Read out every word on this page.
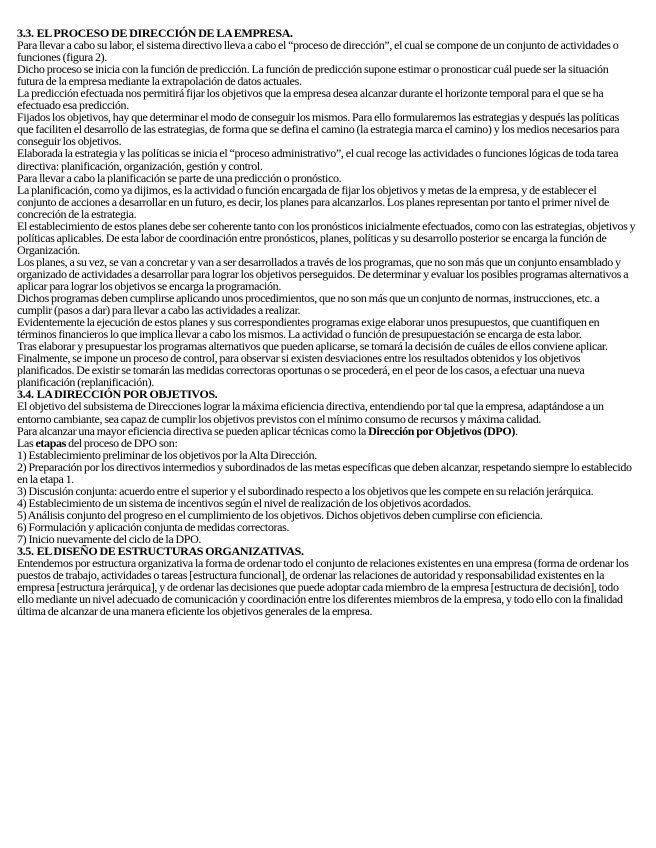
3.3. EL PROCESO DE DIRECCIÓN DE LA EMPRESA.

Para llevar a cabo su labor, el sistema directivo lleva a cabo el “proceso de dirección”, el cual se compone de un conjunto de actividades o funciones (figura 2).

Dicho proceso se inicia con la función de predicción. La función de predicción supone estimar o pronosticar cuál puede ser la situación futura de la empresa mediante la extrapolación de datos actuales.

La predicción efectuada nos permitirá fijar los objetivos que la empresa desea alcanzar durante el horizonte temporal para el que se ha efectuado esa predicción.

Fijados los objetivos, hay que determinar el modo de conseguir los mismos. Para ello formularemos las estrategias y después las políticas que faciliten el desarrollo de las estrategias, de forma que se defina el camino (la estrategia marca el camino) y los medios necesarios para conseguir los objetivos.

Elaborada la estrategia y las políticas se inicia el “proceso administrativo”, el cual recoge las actividades o funciones lógicas de toda tarea directiva: planificación, organización, gestión y control.

Para llevar a cabo la planificación se parte de una predicción o pronóstico.

La planificación, como ya dijimos, es la actividad o función encargada de fijar los objetivos y metas de la empresa, y de establecer el conjunto de acciones a desarrollar en un futuro, es decir, los planes para alcanzarlos. Los planes representan por tanto el primer nivel de concreción de la estrategia.

El establecimiento de estos planes debe ser coherente tanto con los pronósticos inicialmente efectuados, como con las estrategias, objetivos y políticas aplicables. De esta labor de coordinación entre pronósticos, planes, políticas y su desarrollo posterior se encarga la función de Organización.

Los planes, a su vez, se van a concretar y van a ser desarrollados a través de los programas, que no son más que un conjunto ensamblado y organizado de actividades a desarrollar para lograr los objetivos perseguidos. De determinar y evaluar los posibles programas alternativos a aplicar para lograr los objetivos se encarga la programación.

Dichos programas deben cumplirse aplicando unos procedimientos, que no son más que un conjunto de normas, instrucciones, etc. a cumplir (pasos a dar) para llevar a cabo las actividades a realizar.

Evidentemente la ejecución de estos planes y sus correspondientes programas exige elaborar unos presupuestos, que cuantifiquen en términos financieros lo que implica llevar a cabo los mismos. La actividad o función de presupuestación se encarga de esta labor.

Tras elaborar y presupuestar los programas alternativos que pueden aplicarse, se tomará la decisión de cuáles de ellos conviene aplicar.

Finalmente, se impone un proceso de control, para observar si existen desviaciones entre los resultados obtenidos y los objetivos planificados. De existir se tomarán las medidas correctoras oportunas o se procederá, en el peor de los casos, a efectuar una nueva planificación (replanificación).

3.4. LA DIRECCIÓN POR OBJETIVOS.

El objetivo del subsistema de Direcciones lograr la máxima eficiencia directiva, entendiendo por tal que la empresa, adaptándose a un entorno cambiante, sea capaz de cumplir los objetivos previstos con el mínimo consumo de recursos y máxima calidad.

Para alcanzar una mayor eficiencia directiva se pueden aplicar técnicas como la Dirección por Objetivos (DPO).

Las etapas del proceso de DPO son:

1) Establecimiento preliminar de los objetivos por la Alta Dirección.

2) Preparación por los directivos intermedios y subordinados de las metas específicas que deben alcanzar, respetando siempre lo establecido en la etapa 1.

3) Discusión conjunta: acuerdo entre el superior y el subordinado respecto a los objetivos que les compete en su relación jerárquica.

4) Establecimiento de un sistema de incentivos según el nivel de realización de los objetivos acordados.

5) Análisis conjunto del progreso en el cumplimiento de los objetivos. Dichos objetivos deben cumplirse con eficiencia.

6) Formulación y aplicación conjunta de medidas correctoras.

7) Inicio nuevamente del ciclo de la DPO.

3.5. EL DISEÑO DE ESTRUCTURAS ORGANIZATIVAS.

Entendemos por estructura organizativa la forma de ordenar todo el conjunto de relaciones existentes en una empresa (forma de ordenar los puestos de trabajo, actividades o tareas [estructura funcional], de ordenar las relaciones de autoridad y responsabilidad existentes en la empresa [estructura jerárquica], y de ordenar las decisiones que puede adoptar cada miembro de la empresa [estructura de decisión], todo ello mediante un nivel adecuado de comunicación y coordinación entre los diferentes miembros de la empresa, y todo ello con la finalidad última de alcanzar de una manera eficiente los objetivos generales de la empresa.
